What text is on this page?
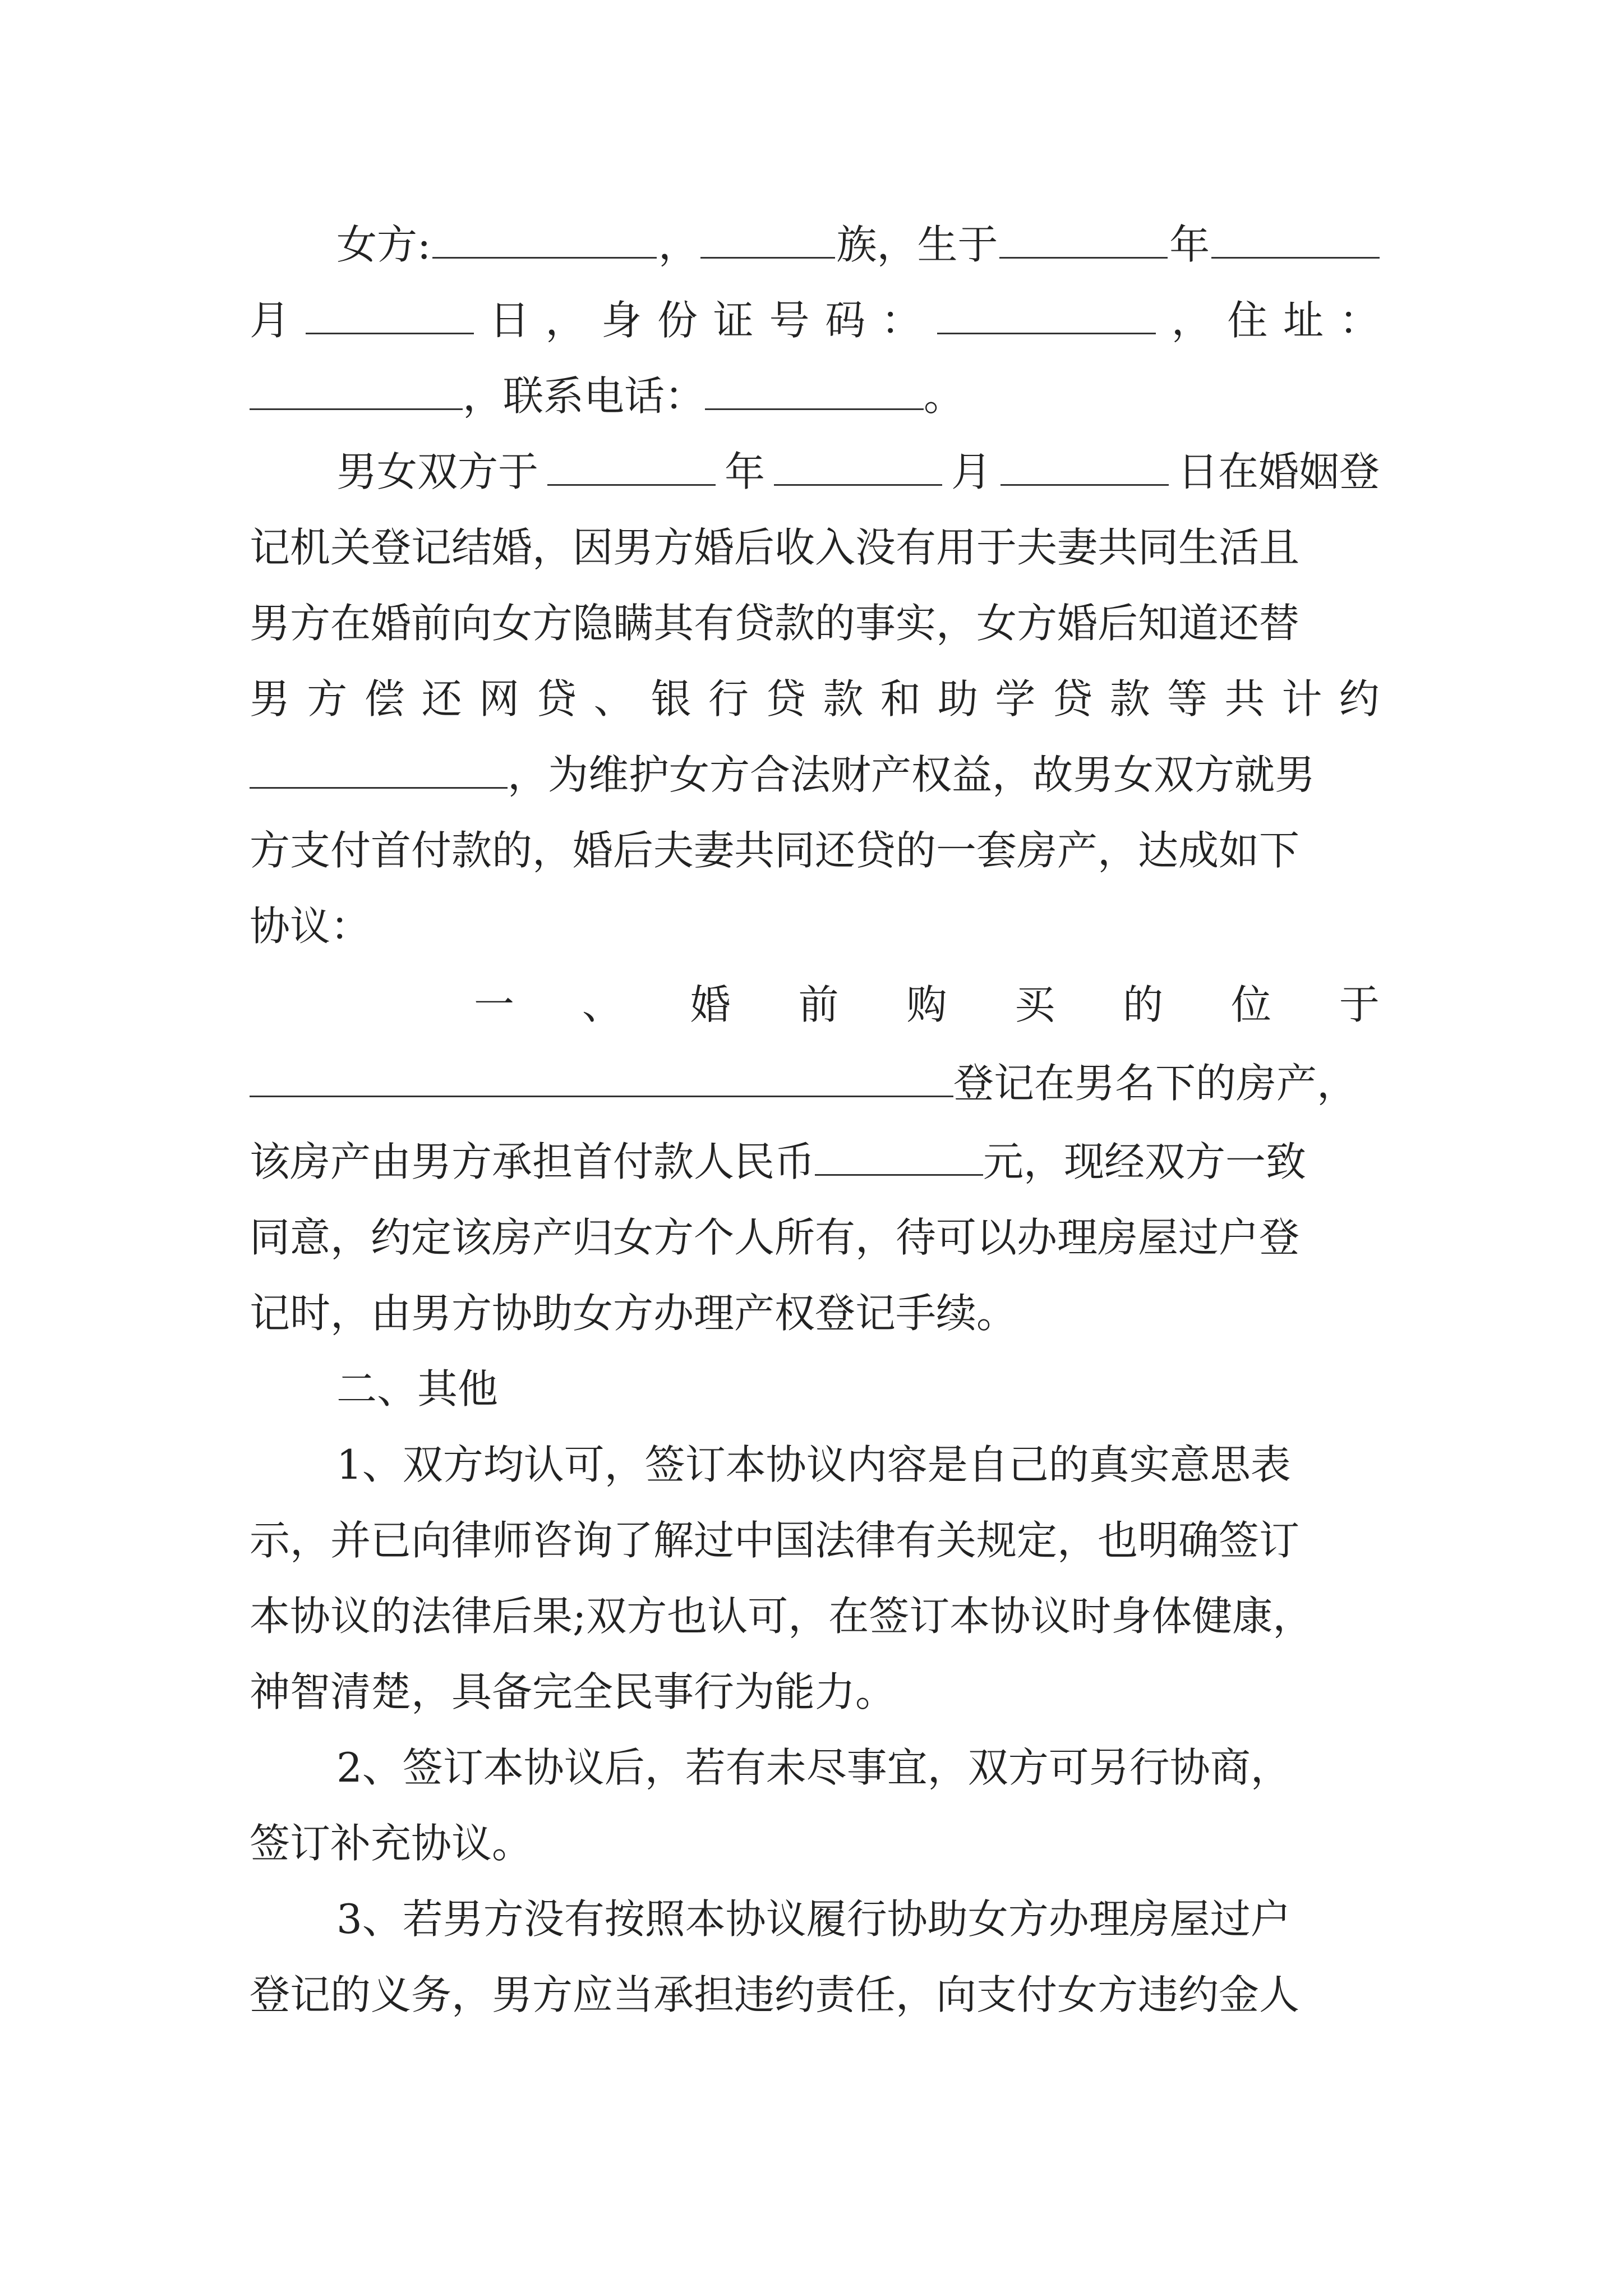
女方:	，	族，生于	年
月	日 ， 身 份 证 号 码 ：	， 住 址 ：
，联系电话：	。
男女双方于	年	月	日在婚姻登
记机关登记结婚，因男方婚后收入没有用于夫妻共同生活且
男方在婚前向女方隐瞒其有贷款的事实，女方婚后知道还替
男 方 偿 还 网 贷 、 银 行 贷 款 和 助 学 贷 款 等 共 计 约
，为维护女方合法财产权益，故男女双方就男
方支付首付款的，婚后夫妻共同还贷的一套房产，达成如下
协议：
一 、 婚 前 购 买 的 位 于
登记在男名下的房产，
该房产由男方承担首付款人民币	元，现经双方一致
同意，约定该房产归女方个人所有，待可以办理房屋过户登
记时，由男方协助女方办理产权登记手续。
二、其他
1、双方均认可，签订本协议内容是自己的真实意思表
示，并已向律师咨询了解过中国法律有关规定，也明确签订
本协议的法律后果;双方也认可，在签订本协议时身体健康，
神智清楚，具备完全民事行为能力。
2、签订本协议后，若有未尽事宜，双方可另行协商，
签订补充协议。
3、若男方没有按照本协议履行协助女方办理房屋过户
登记的义务，男方应当承担违约责任，向支付女方违约金人
